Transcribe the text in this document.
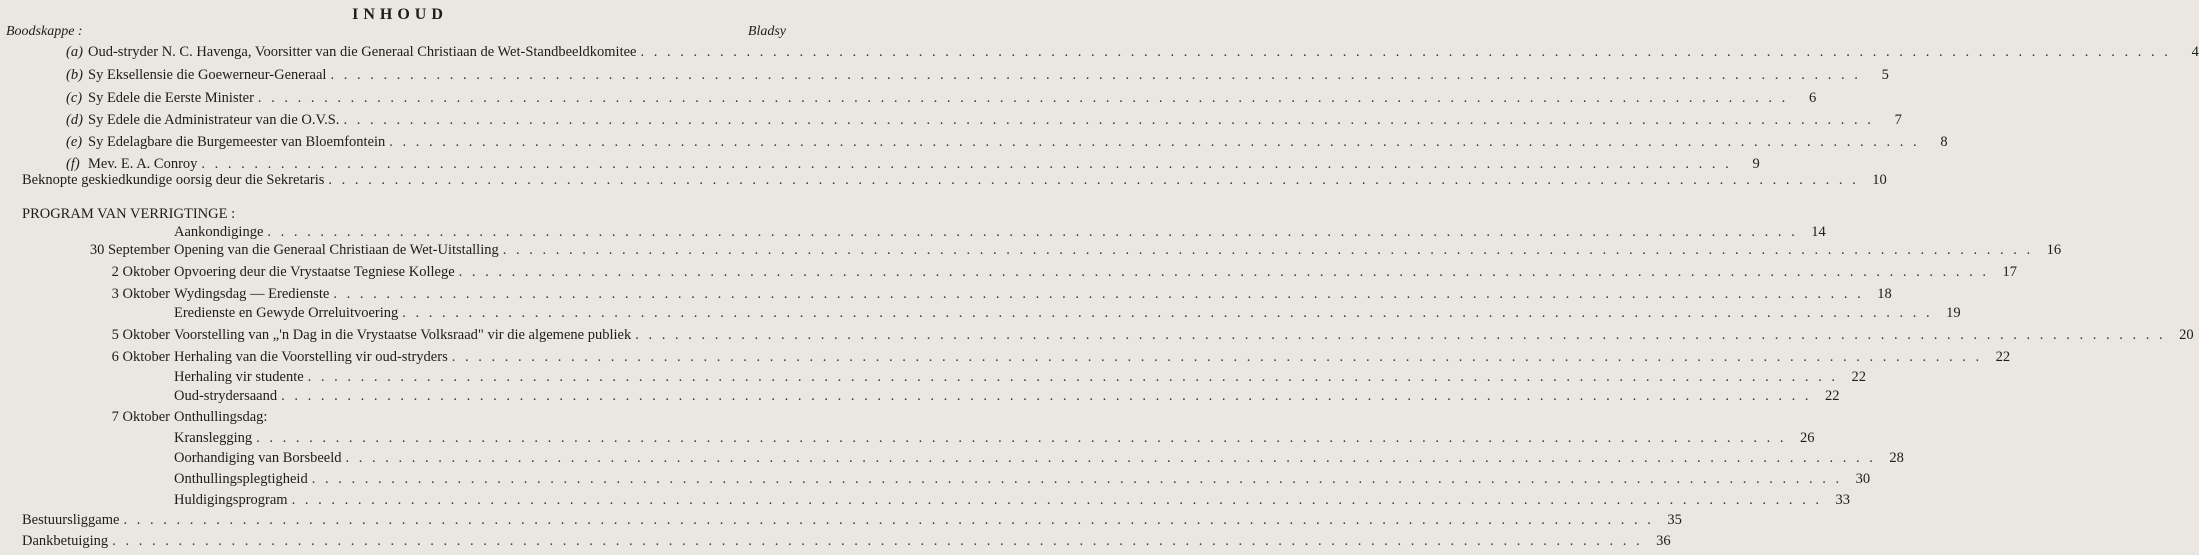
INHOUD
Boodskappe :	Bladsy
(a) Oud-stryder N. C. Havenga, Voorsitter van die Generaal Christiaan de Wet-Standbeeldkomitee . . .	4
(b) Sy Eksellensie die Goewerneur-Generaal . . .	5
(c) Sy Edele die Eerste Minister . . .	6
(d) Sy Edele die Administrateur van die O.V.S. . . .	7
(e) Sy Edelagbare die Burgemeester van Bloemfontein . . .	8
(f) Mev. E. A. Conroy . . .	9
Beknopte geskiedkundige oorsig deur die Sekretaris . . .	10
PROGRAM VAN VERRIGTINGE :
Aankondiginge . . .	14
30 September Opening van die Generaal Christiaan de Wet-Uitstalling . . .	16
2 Oktober Opvoering deur die Vrystaatse Tegniese Kollege . . .	17
3 Oktober Wydingsdag — Eredienste . . .	18
Eredienste en Gewyde Orreluitvoering . . .	19
5 Oktober Voorstelling van „'n Dag in die Vrystaatse Volksraad" vir die algemene publiek . . .	20
6 Oktober Herhaling van die Voorstelling vir oud-stryders . . .	22
Herhaling vir studente . . .	22
Oud-strydersaand . . .	22
7 Oktober Onthullingsdag:
Kranslegging . . .	26
Oorhandiging van Borsbeeld . . .	28
Onthullingsplegtigheid . . .	30
Huldigingsprogram . . .	33
Bestuursliggame . . .	35
Dankbetuiging . . .	36
